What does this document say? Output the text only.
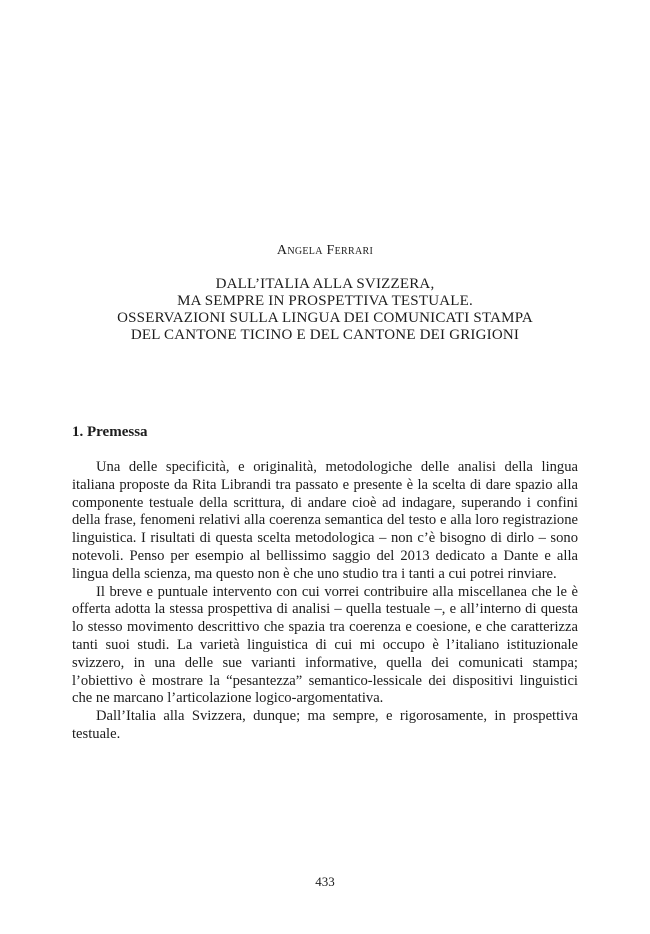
Angela Ferrari
DALL’ITALIA ALLA SVIZZERA,
MA SEMPRE IN PROSPETTIVA TESTUALE.
OSSERVAZIONI SULLA LINGUA DEI COMUNICATI STAMPA
DEL CANTONE TICINO E DEL CANTONE DEI GRIGIONI
1. Premessa

Una delle specificità, e originalità, metodologiche delle analisi della lingua italiana proposte da Rita Librandi tra passato e presente è la scelta di dare spazio alla componente testuale della scrittura, di andare cioè ad indagare, superando i confini della frase, fenomeni relativi alla coerenza semantica del testo e alla loro registrazione linguistica. I risultati di questa scelta metodologica – non c’è bisogno di dirlo – sono notevoli. Penso per esempio al bellissimo saggio del 2013 dedicato a Dante e alla lingua della scienza, ma questo non è che uno studio tra i tanti a cui potrei rinviare.

Il breve e puntuale intervento con cui vorrei contribuire alla miscellanea che le è offerta adotta la stessa prospettiva di analisi – quella testuale –, e all’interno di questa lo stesso movimento descrittivo che spazia tra coerenza e coesione, e che caratterizza tanti suoi studi. La varietà linguistica di cui mi occupo è l’italiano istituzionale svizzero, in una delle sue varianti informative, quella dei comunicati stampa; l’obiettivo è mostrare la “pesantezza” semantico-lessicale dei dispositivi linguistici che ne marcano l’articolazione logico-argomentativa.

Dall’Italia alla Svizzera, dunque; ma sempre, e rigorosamente, in prospettiva testuale.

433
